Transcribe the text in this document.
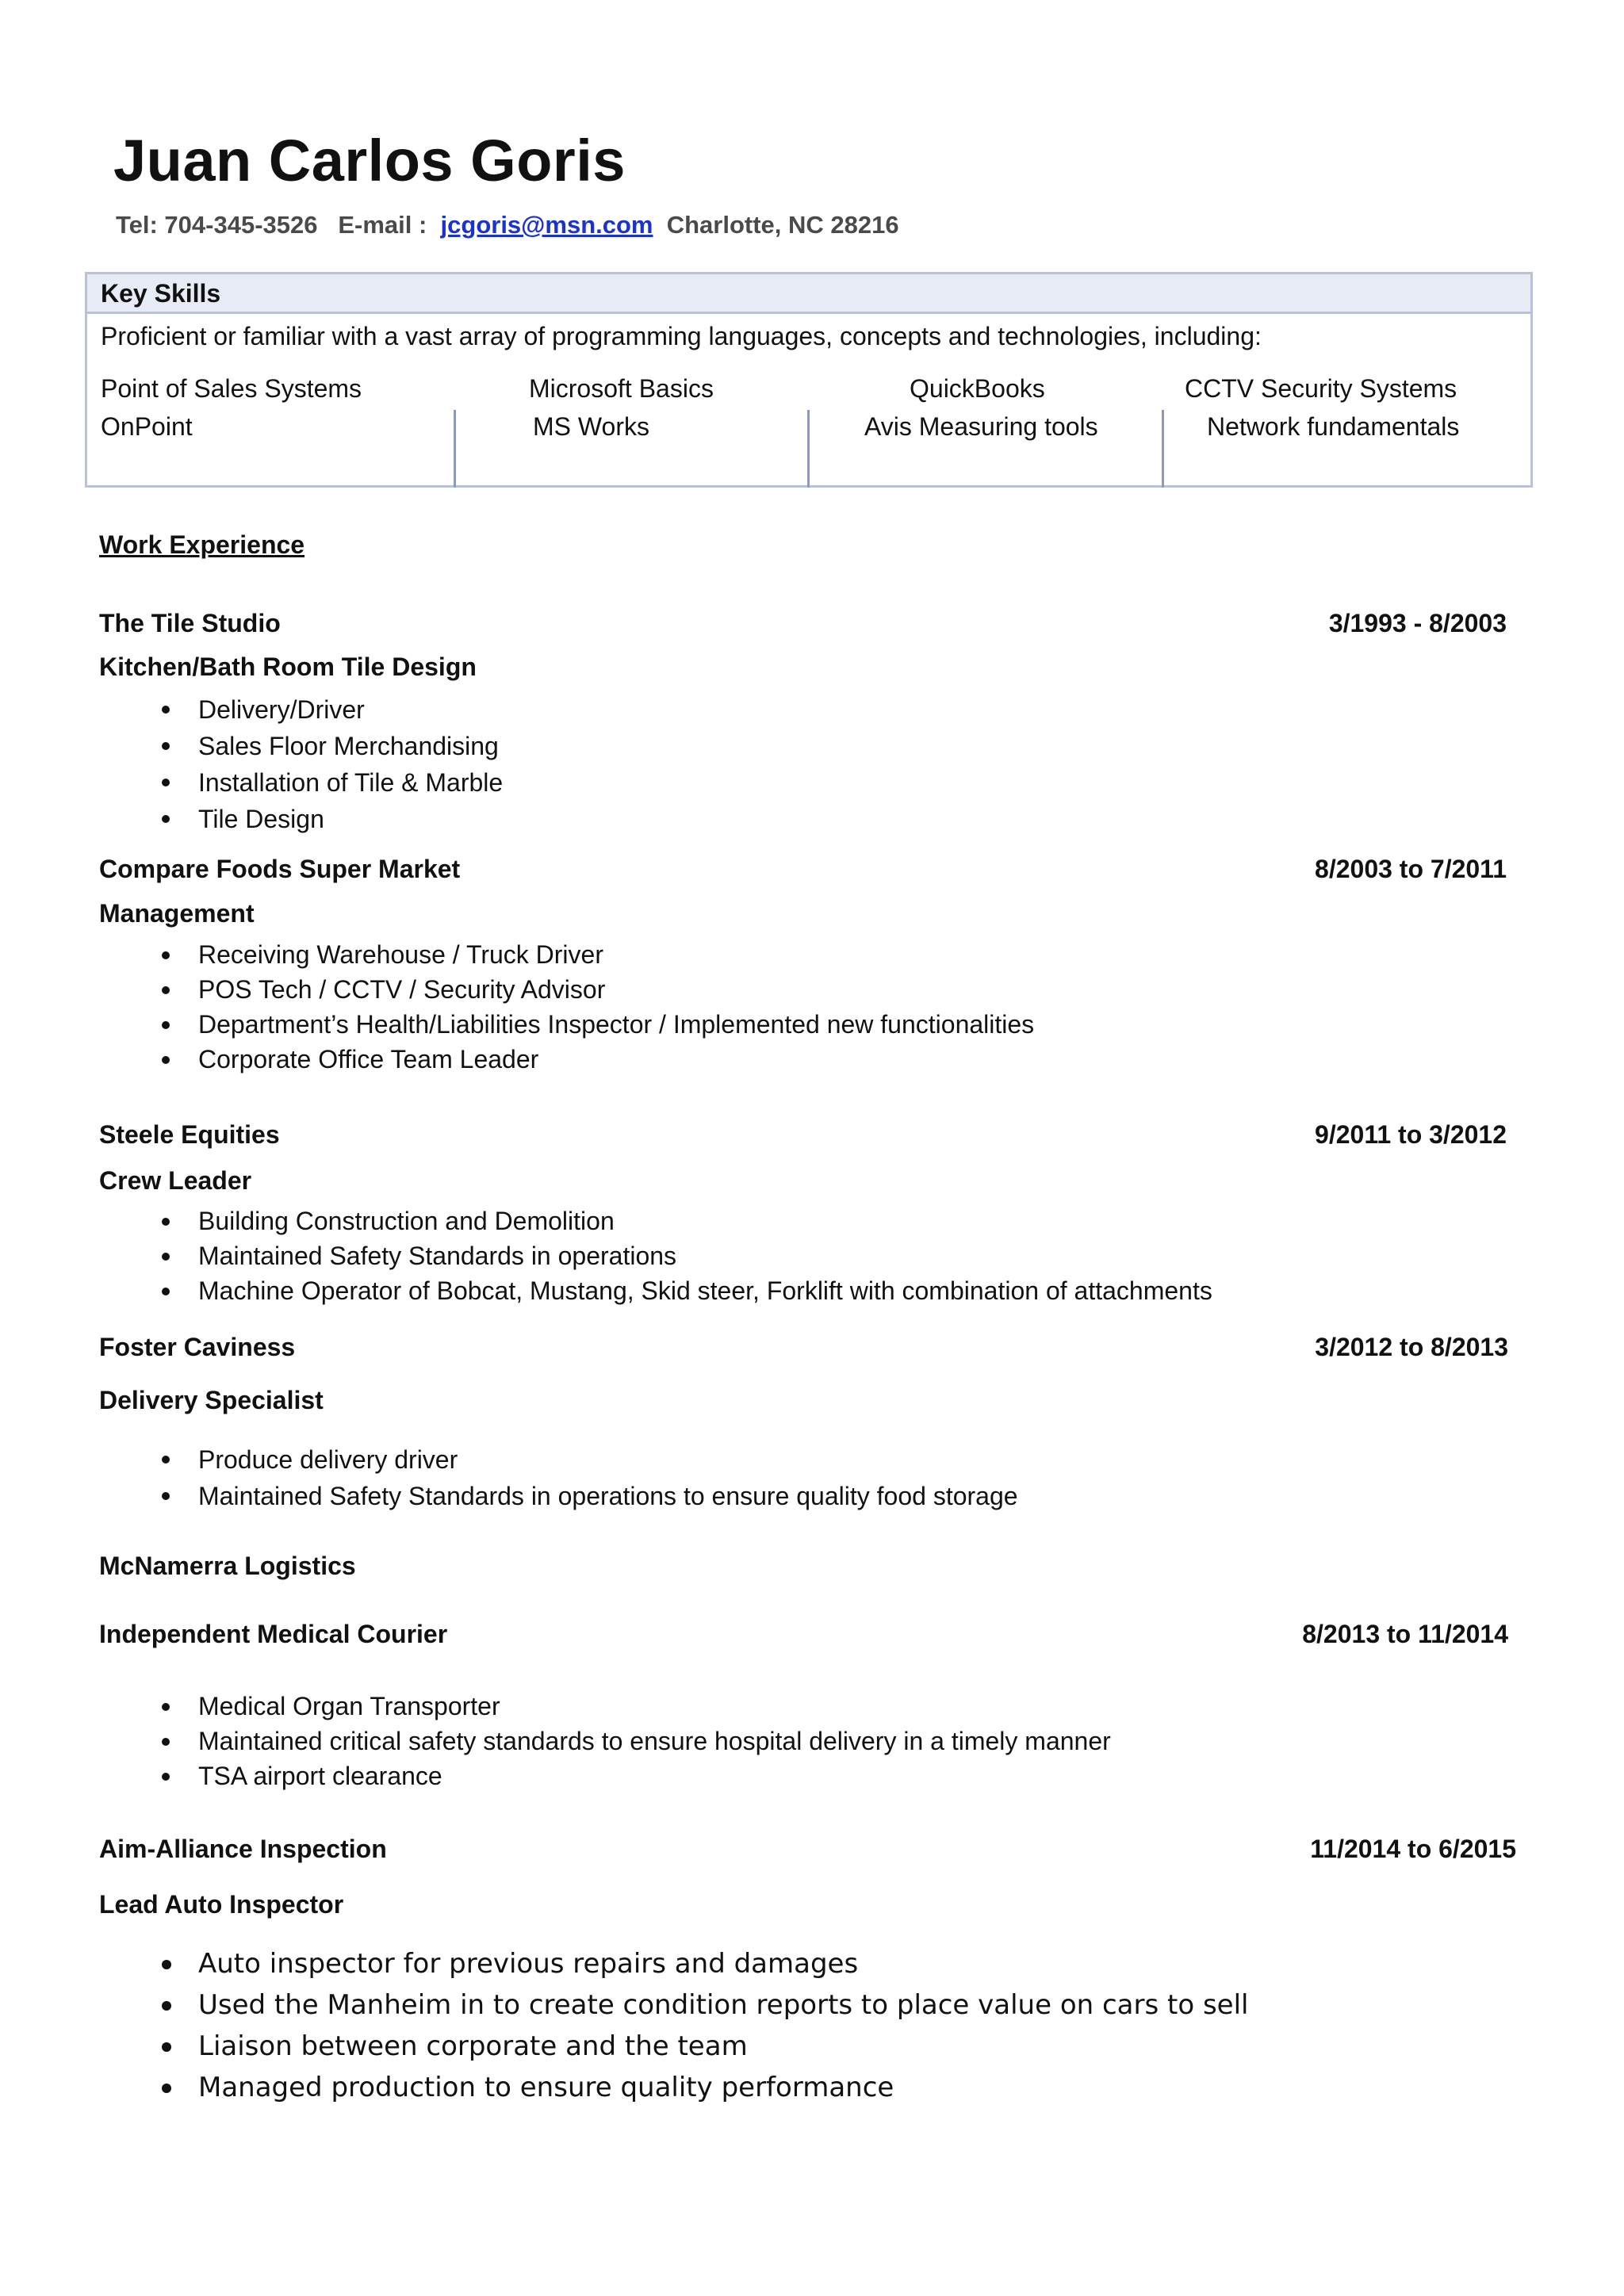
Juan Carlos Goris
Tel: 704-345-3526 E-mail : jcgoris@msn.com Charlotte, NC 28216
Key Skills
Proficient or familiar with a vast array of programming languages, concepts and technologies, including:
Point of Sales Systems	Microsoft Basics	QuickBooks	CCTV Security Systems
OnPoint	MS Works	Avis Measuring tools	Network fundamentals
Work Experience
The Tile Studio	3/1993 - 8/2003
Kitchen/Bath Room Tile Design
Delivery/Driver
Sales Floor Merchandising
Installation of Tile & Marble
Tile Design
Compare Foods Super Market	8/2003 to 7/2011
Management
Receiving Warehouse / Truck Driver
POS Tech / CCTV / Security Advisor
Department’s Health/Liabilities Inspector / Implemented new functionalities
Corporate Office Team Leader
Steele Equities	9/2011 to 3/2012
Crew Leader
Building Construction and Demolition
Maintained Safety Standards in operations
Machine Operator of Bobcat, Mustang, Skid steer, Forklift with combination of attachments
Foster Caviness	3/2012 to 8/2013
Delivery Specialist
Produce delivery driver
Maintained Safety Standards in operations to ensure quality food storage
McNamerra Logistics
Independent Medical Courier	8/2013 to 11/2014
Medical Organ Transporter
Maintained critical safety standards to ensure hospital delivery in a timely manner
TSA airport clearance
Aim-Alliance Inspection	11/2014 to 6/2015
Lead Auto Inspector
Auto inspector for previous repairs and damages
Used the Manheim in to create condition reports to place value on cars to sell
Liaison between corporate and the team
Managed production to ensure quality performance
